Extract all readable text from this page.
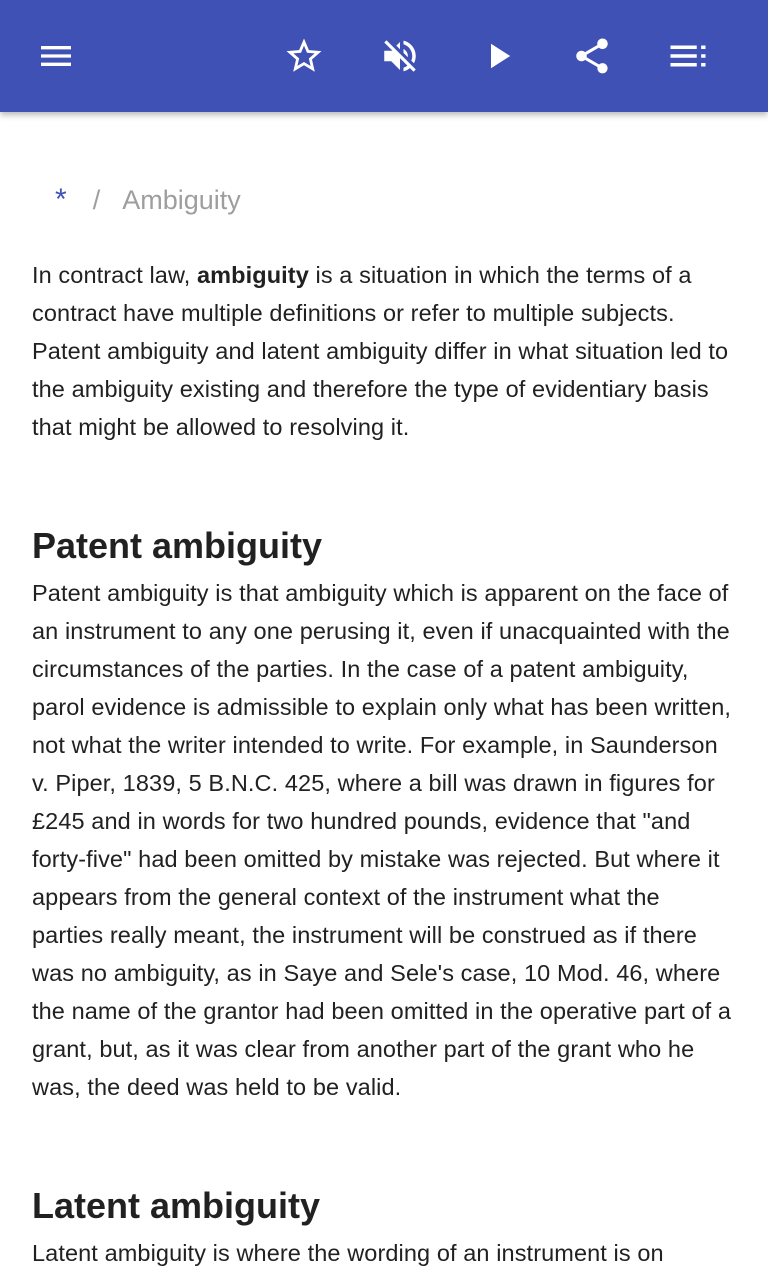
* / Ambiguity

In contract law, ambiguity is a situation in which the terms of a contract have multiple definitions or refer to multiple subjects. Patent ambiguity and latent ambiguity differ in what situation led to the ambiguity existing and therefore the type of evidentiary basis that might be allowed to resolving it.

Patent ambiguity

Patent ambiguity is that ambiguity which is apparent on the face of an instrument to any one perusing it, even if unacquainted with the circumstances of the parties. In the case of a patent ambiguity, parol evidence is admissible to explain only what has been written, not what the writer intended to write. For example, in Saunderson v. Piper, 1839, 5 B.N.C. 425, where a bill was drawn in figures for £245 and in words for two hundred pounds, evidence that "and forty-five" had been omitted by mistake was rejected. But where it appears from the general context of the instrument what the parties really meant, the instrument will be construed as if there was no ambiguity, as in Saye and Sele's case, 10 Mod. 46, where the name of the grantor had been omitted in the operative part of a grant, but, as it was clear from another part of the grant who he was, the deed was held to be valid.

Latent ambiguity

Latent ambiguity is where the wording of an instrument is on
